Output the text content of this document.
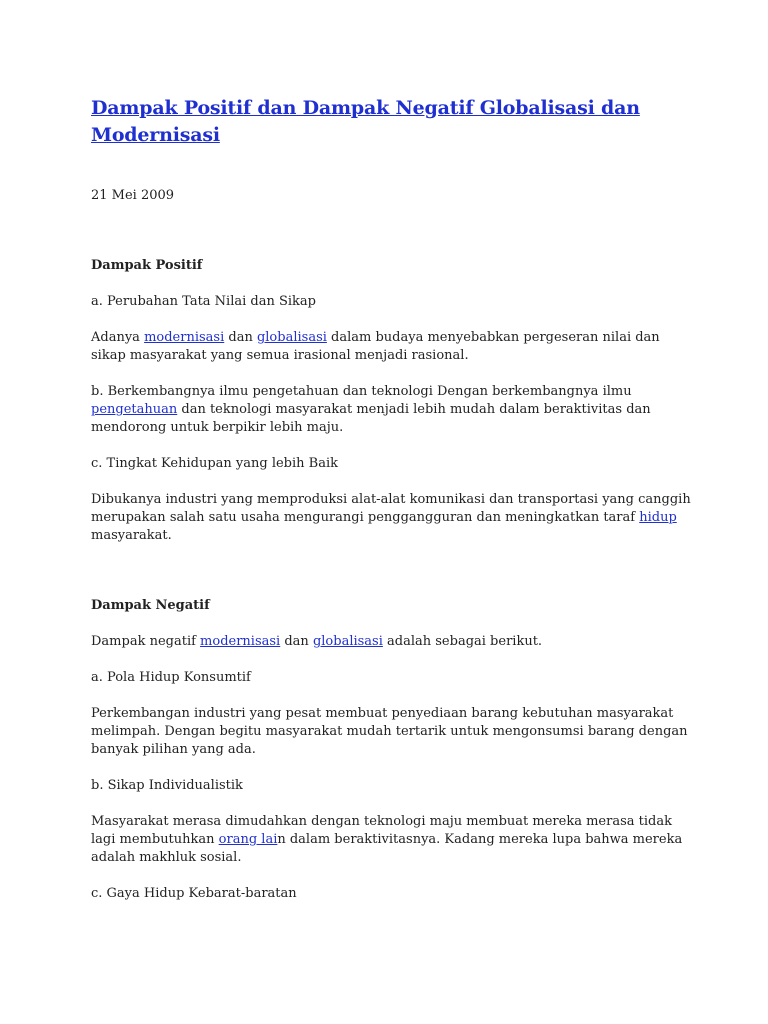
Dampak Positif dan Dampak Negatif Globalisasi dan
Modernisasi

21 Mei 2009

Dampak Positif

a. Perubahan Tata Nilai dan Sikap

Adanya modernisasi dan globalisasi dalam budaya menyebabkan pergeseran nilai dan sikap masyarakat yang semua irasional menjadi rasional.

b. Berkembangnya ilmu pengetahuan dan teknologi Dengan berkembangnya ilmu pengetahuan dan teknologi masyarakat menjadi lebih mudah dalam beraktivitas dan mendorong untuk berpikir lebih maju.

c. Tingkat Kehidupan yang lebih Baik

Dibukanya industri yang memproduksi alat-alat komunikasi dan transportasi yang canggih merupakan salah satu usaha mengurangi penggangguran dan meningkatkan taraf hidup masyarakat.

Dampak Negatif

Dampak negatif modernisasi dan globalisasi adalah sebagai berikut.

a. Pola Hidup Konsumtif

Perkembangan industri yang pesat membuat penyediaan barang kebutuhan masyarakat melimpah. Dengan begitu masyarakat mudah tertarik untuk mengonsumsi barang dengan banyak pilihan yang ada.

b. Sikap Individualistik

Masyarakat merasa dimudahkan dengan teknologi maju membuat mereka merasa tidak lagi membutuhkan orang lain dalam beraktivitasnya. Kadang mereka lupa bahwa mereka adalah makhluk sosial.

c. Gaya Hidup Kebarat-baratan
